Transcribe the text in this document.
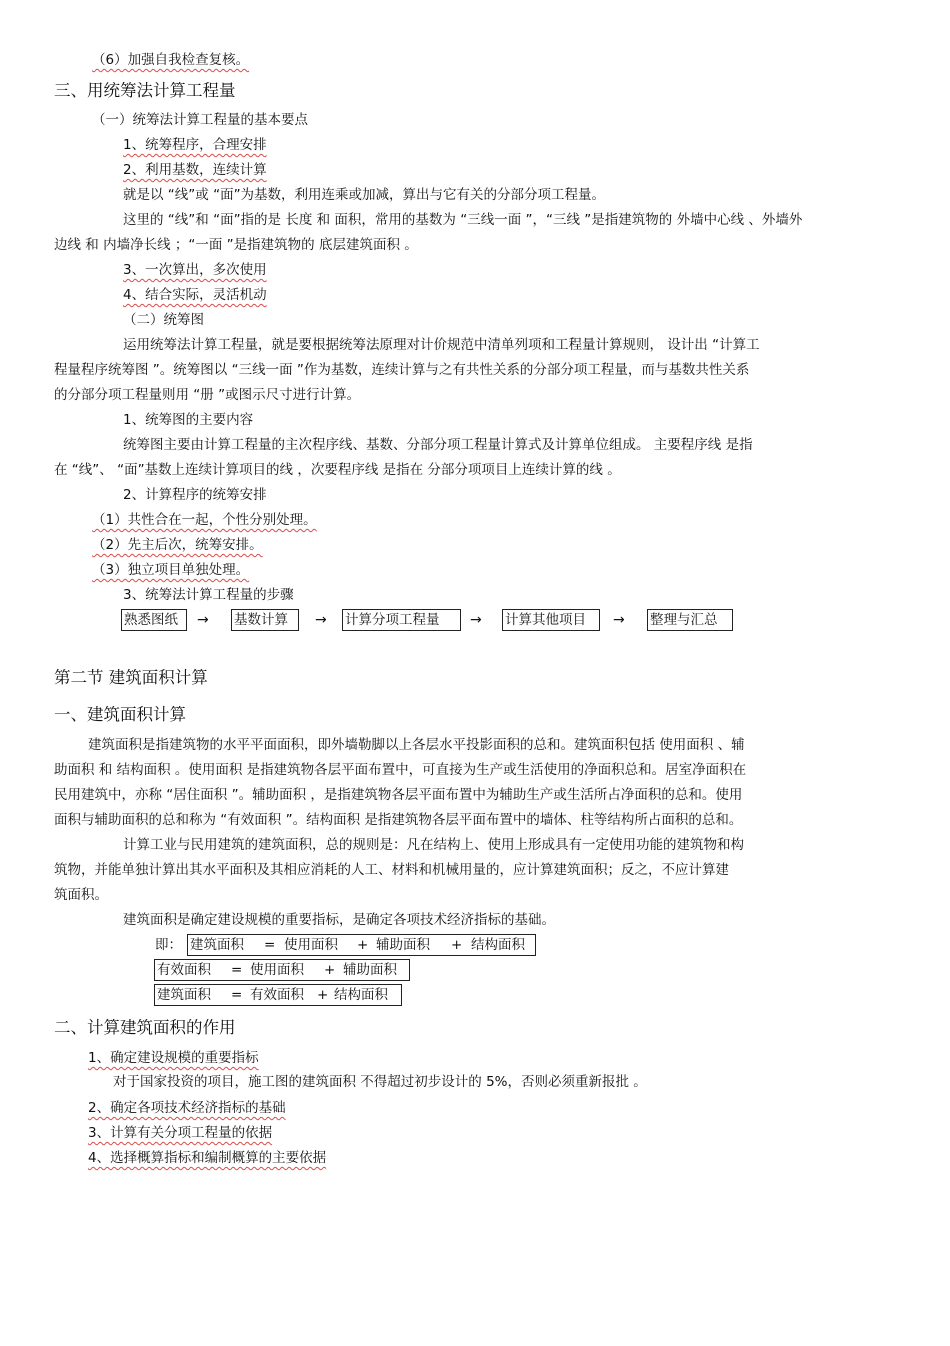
（6）加强自我检查复核。
三、用统筹法计算工程量
（一）统筹法计算工程量的基本要点
1、统筹程序，合理安排
2、利用基数，连续计算
就是以 “线”或 “面”为基数，利用连乘或加减，算出与它有关的分部分项工程量。
这里的 “线”和 “面”指的是 长度 和 面积，常用的基数为 “三线一面 ”，“三线 ”是指建筑物的 外墙中心线 、外墙外
边线 和 内墙净长线 ；“一面 ”是指建筑物的 底层建筑面积 。
3、一次算出，多次使用
4、结合实际，灵活机动
（二）统筹图
运用统筹法计算工程量，就是要根据统筹法原理对计价规范中清单列项和工程量计算规则， 设计出 “计算工
程量程序统筹图 ”。统筹图以 “三线一面 ”作为基数，连续计算与之有共性关系的分部分项工程量，而与基数共性关系
的分部分项工程量则用 “册 ”或图示尺寸进行计算。
1、统筹图的主要内容
统筹图主要由计算工程量的主次程序线、基数、分部分项工程量计算式及计算单位组成。 主要程序线 是指
在 “线”、 “面”基数上连续计算项目的线 ，次要程序线 是指在 分部分项项目上连续计算的线 。
2、计算程序的统筹安排
（1）共性合在一起，个性分别处理。
（2）先主后次，统筹安排。
（3）独立项目单独处理。
3、统筹法计算工程量的步骤
熟悉图纸	→ 基数计算	→ 计算分项工程量	→ 计算其他项目	→ 整理与汇总
第二节 建筑面积计算
一、建筑面积计算
建筑面积是指建筑物的水平平面面积，即外墙勒脚以上各层水平投影面积的总和。建筑面积包括 使用面积 、辅
助面积 和 结构面积 。使用面积 是指建筑物各层平面布置中，可直接为生产或生活使用的净面积总和。居室净面积在
民用建筑中，亦称 “居住面积 ”。辅助面积 ，是指建筑物各层平面布置中为辅助生产或生活所占净面积的总和。使用
面积与辅助面积的总和称为 “有效面积 ”。结构面积 是指建筑物各层平面布置中的墙体、柱等结构所占面积的总和。
计算工业与民用建筑的建筑面积，总的规则是：凡在结构上、使用上形成具有一定使用功能的建筑物和构
筑物，并能单独计算出其水平面积及其相应消耗的人工、材料和机械用量的，应计算建筑面积；反之，不应计算建
筑面积。
建筑面积是确定建设规模的重要指标，是确定各项技术经济指标的基础。
即： 建筑面积 = 使用面积 + 辅助面积 + 结构面积
有效面积 = 使用面积 + 辅助面积
建筑面积 = 有效面积 + 结构面积
二、计算建筑面积的作用
1、确定建设规模的重要指标
对于国家投资的项目，施工图的建筑面积 不得超过初步设计的 5%，否则必须重新报批 。
2、确定各项技术经济指标的基础
3、计算有关分项工程量的依据
4、选择概算指标和编制概算的主要依据
